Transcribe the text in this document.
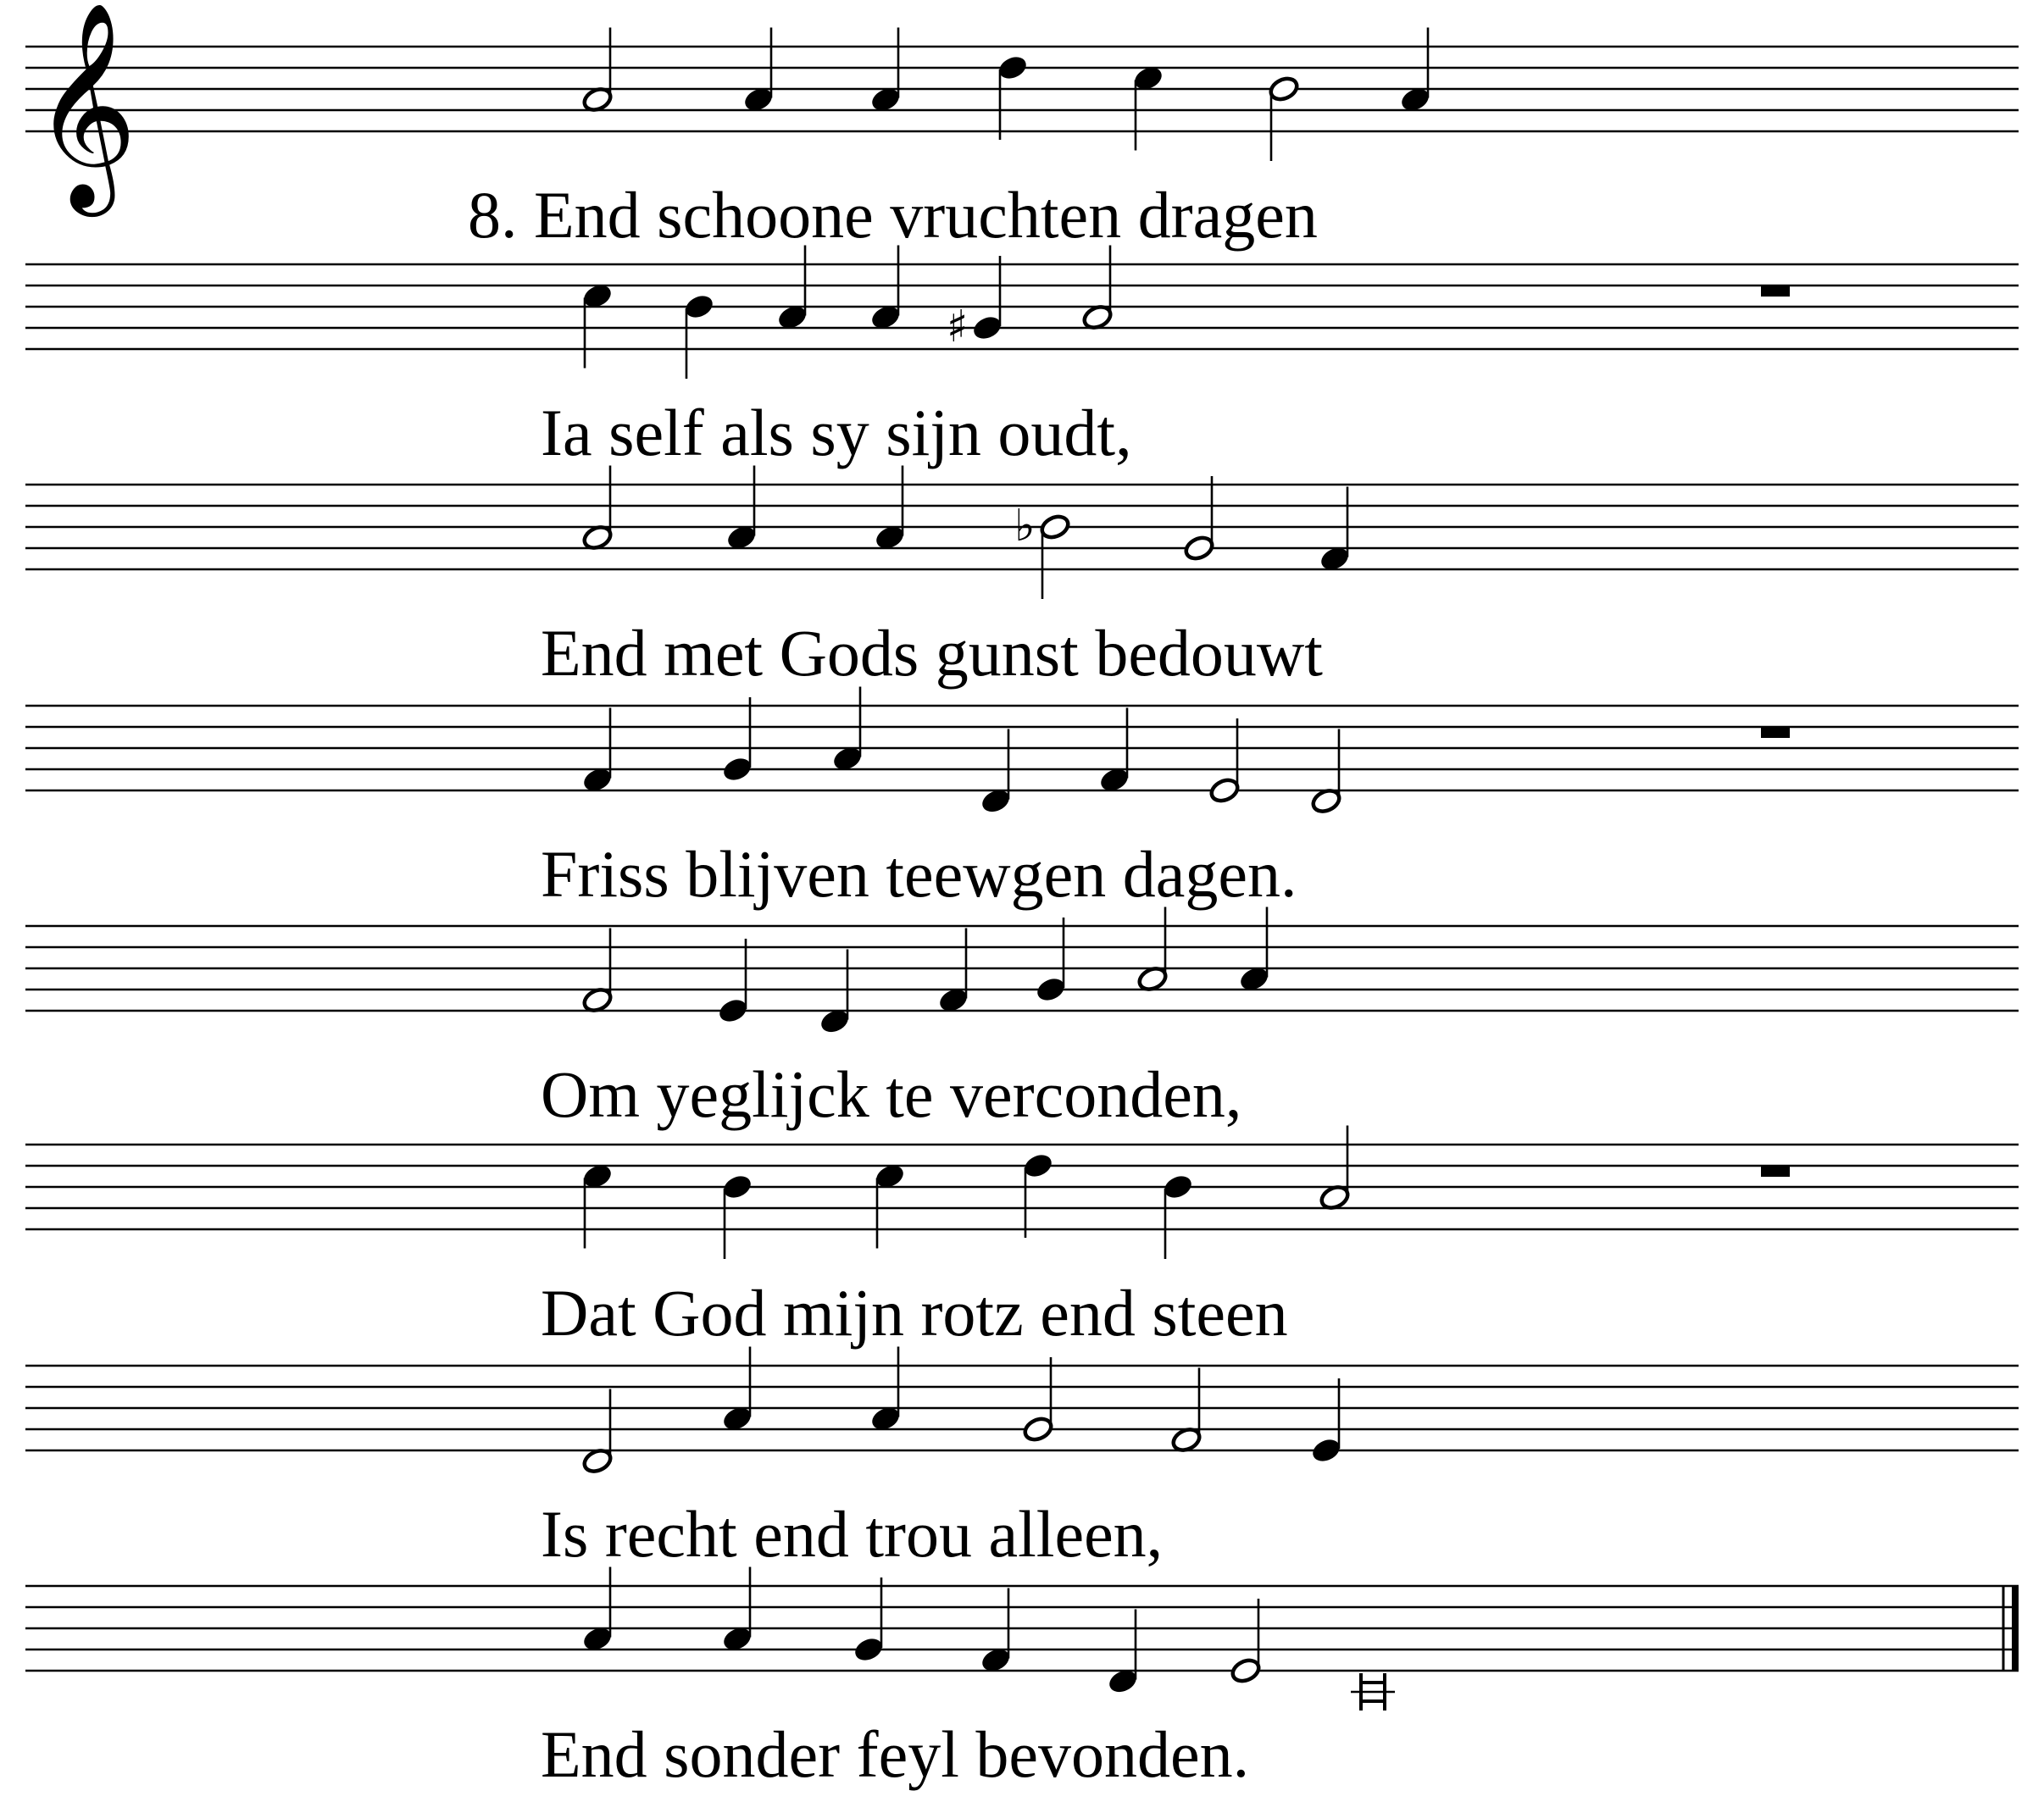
𝄞
♯
♭
8. End schoone vruchten dragen
Ia self als sy sijn oudt,
End met Gods gunst bedouwt
Friss blijven teewgen dagen.
Om yeglijck te verconden,
Dat God mijn rotz end steen
Is recht end trou alleen,
End sonder feyl bevonden.
